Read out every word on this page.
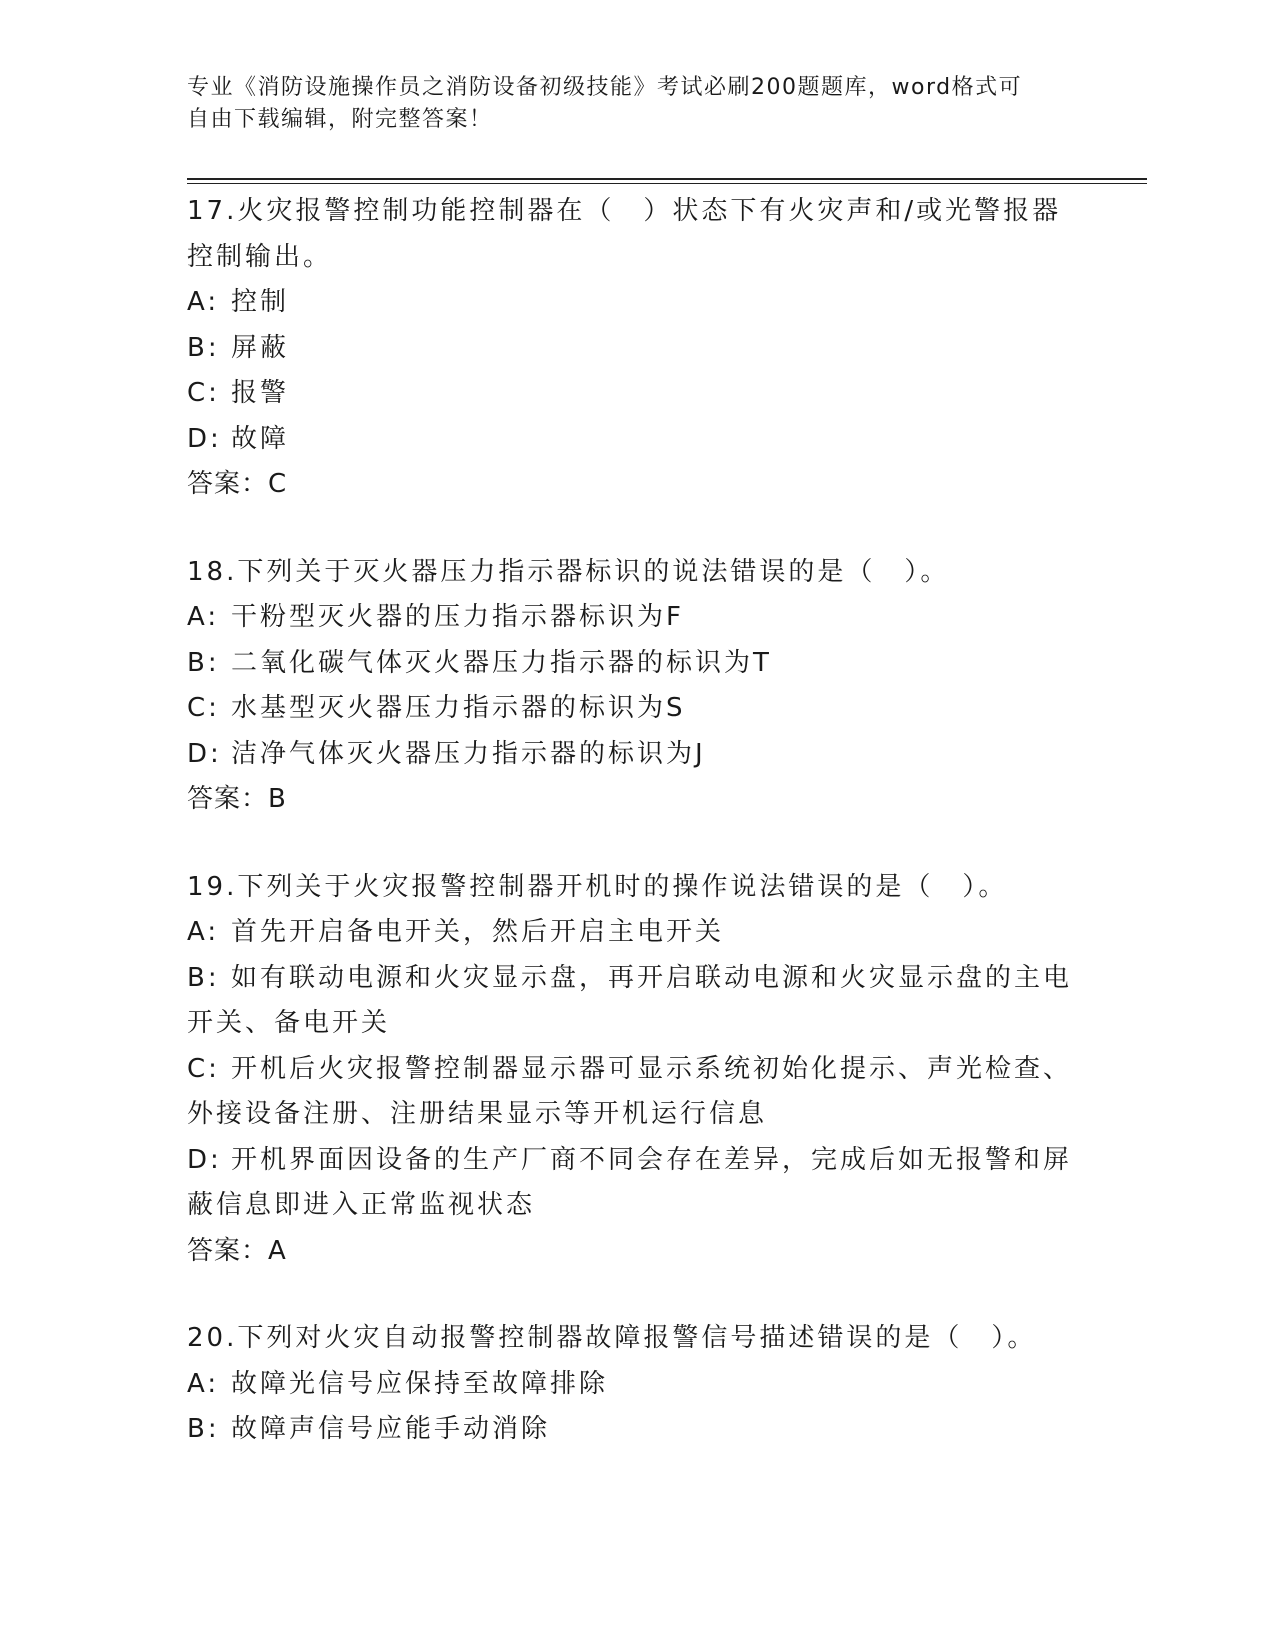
专业《消防设施操作员之消防设备初级技能》考试必刷200题题库，word格式可
自由下载编辑，附完整答案！
17.火灾报警控制功能控制器在（　）状态下有火灾声和/或光警报器
控制输出。
A: 控制
B: 屏蔽
C: 报警
D: 故障
答案：C
18.下列关于灭火器压力指示器标识的说法错误的是（　）。
A: 干粉型灭火器的压力指示器标识为F
B: 二氧化碳气体灭火器压力指示器的标识为T
C: 水基型灭火器压力指示器的标识为S
D: 洁净气体灭火器压力指示器的标识为J
答案：B
19.下列关于火灾报警控制器开机时的操作说法错误的是（　）。
A: 首先开启备电开关，然后开启主电开关
B: 如有联动电源和火灾显示盘，再开启联动电源和火灾显示盘的主电
开关、备电开关
C: 开机后火灾报警控制器显示器可显示系统初始化提示、声光检查、
外接设备注册、注册结果显示等开机运行信息
D: 开机界面因设备的生产厂商不同会存在差异，完成后如无报警和屏
蔽信息即进入正常监视状态
答案：A
20.下列对火灾自动报警控制器故障报警信号描述错误的是（　）。
A: 故障光信号应保持至故障排除
B: 故障声信号应能手动消除
